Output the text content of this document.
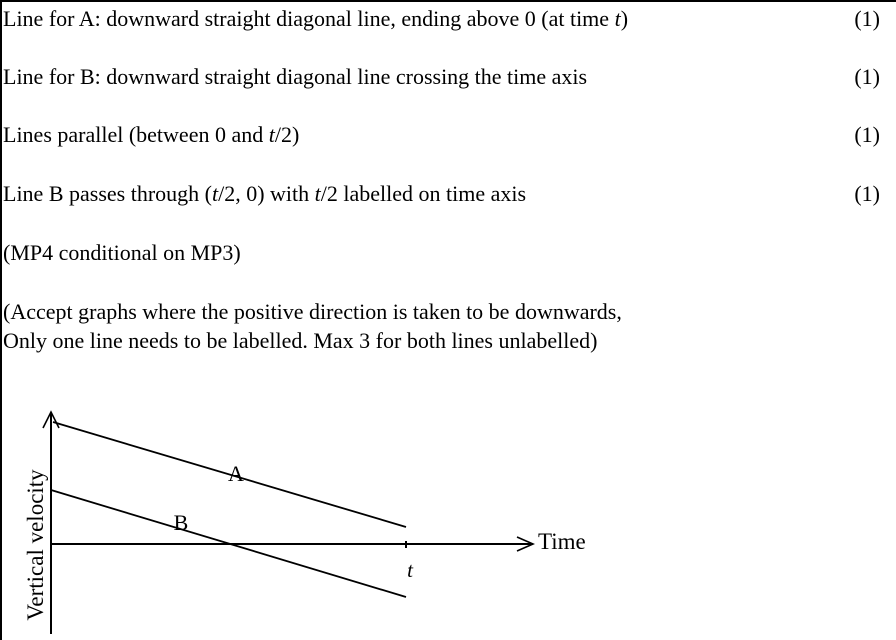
Line for A: downward straight diagonal line, ending above 0 (at time t)	(1)
Line for B: downward straight diagonal line crossing the time axis	(1)
Lines parallel (between 0 and t/2)	(1)
Line B passes through (t/2, 0) with t/2 labelled on time axis	(1)
(MP4 conditional on MP3)
(Accept graphs where the positive direction is taken to be downwards,
Only one line needs to be labelled. Max 3 for both lines unlabelled)
A
B
t
Time
Vertical velocity
